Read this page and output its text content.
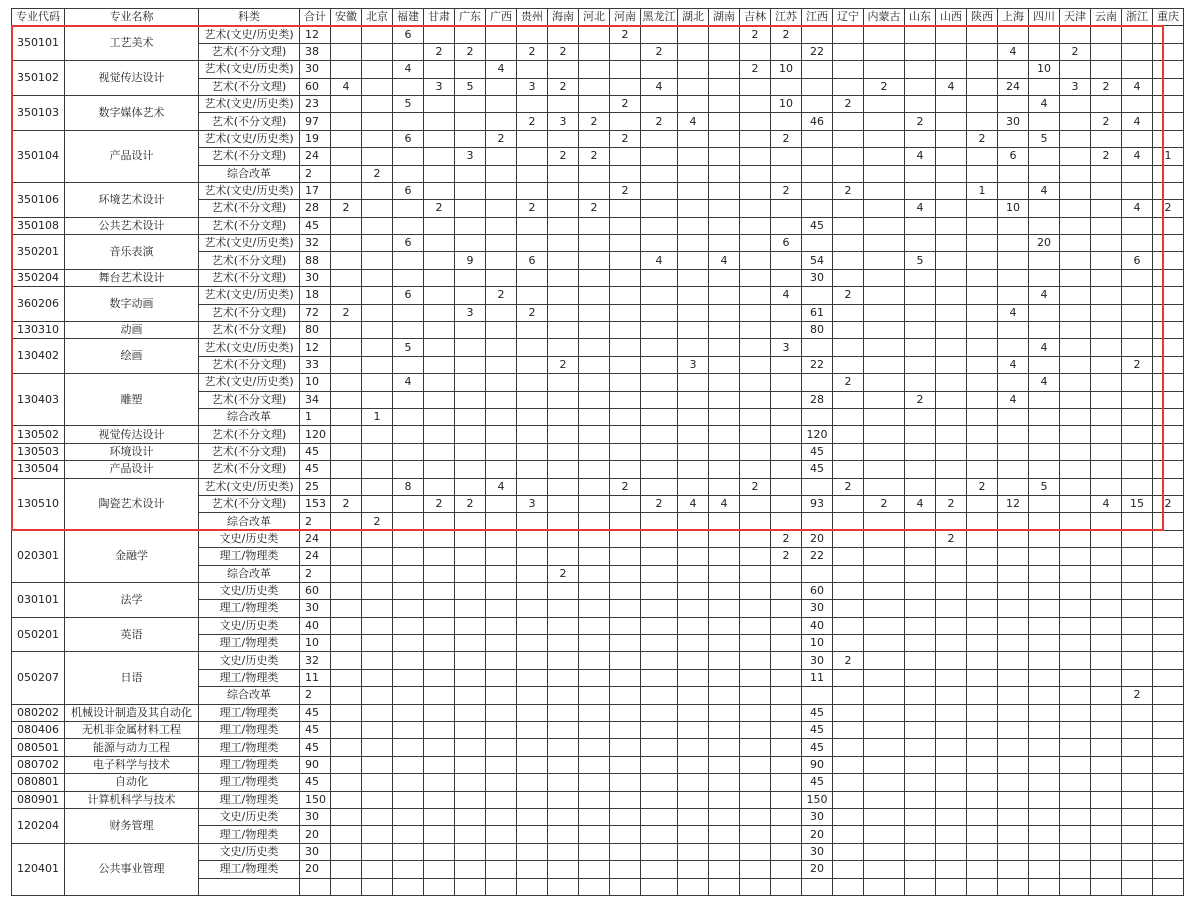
专业代码	专业名称	科类	合计	安徽	北京	福建	甘肃	广东	广西	贵州	海南	河北	河南	黑龙江	湖北	湖南	吉林	江苏	江西	辽宁	内蒙古	山东	山西	陕西	上海	四川	天津	云南	浙江	重庆
350101	工艺美术	艺术(文史/历史类)	12			6							2				2	2												
		艺术(不分文理)	38				2	2		2	2			2					22						4		2			
350102	视觉传达设计	艺术(文史/历史类)	30			4			4								2	10								10				
		艺术(不分文理)	60	4			3	5		3	2			4							2		4		24		3	2	4	
350103	数字媒体艺术	艺术(文史/历史类)	23			5							2					10		2						4				
		艺术(不分文理)	97							2	3	2		2	4				46			2			30			2	4	
350104	产品设计	艺术(文史/历史类)	19			6			2				2					2						2		5				
		艺术(不分文理)	24					3			2	2										4			6			2	4	1
		综合改革	2		2																									
350106	环境艺术设计	艺术(文史/历史类)	17			6							2					2		2				1		4				
		艺术(不分文理)	28	2			2			2		2										4			10				4	2
350108	公共艺术设计	艺术(不分文理)	45																45											
350201	音乐表演	艺术(文史/历史类)	32			6												6								20				
		艺术(不分文理)	88					9		6				4		4			54			5							6	
350204	舞台艺术设计	艺术(不分文理)	30																30											
360206	数字动画	艺术(文史/历史类)	18			6			2									4		2						4				
		艺术(不分文理)	72	2				3		2									61						4					
130310	动画	艺术(不分文理)	80																80											
130402	绘画	艺术(文史/历史类)	12			5												3								4				
		艺术(不分文理)	33								2				3				22						4				2	
130403	雕塑	艺术(文史/历史类)	10			4														2						4				
		艺术(不分文理)	34																28			2			4					
		综合改革	1		1																									
130502	视觉传达设计	艺术(不分文理)	120																120											
130503	环境设计	艺术(不分文理)	45																45											
130504	产品设计	艺术(不分文理)	45																45											
130510	陶瓷艺术设计	艺术(文史/历史类)	25			8			4				2				2			2				2		5				
		艺术(不分文理)	153	2			2	2		3				2	4	4			93		2	4	2		12			4	15	2
		综合改革	2		2																									
020301	金融学	文史/历史类	24															2	20				2							
		理工/物理类	24															2	22											
		综合改革	2								2																			
030101	法学	文史/历史类	60																60											
		理工/物理类	30																30											
050201	英语	文史/历史类	40																40											
		理工/物理类	10																10											
050207	日语	文史/历史类	32																30	2										
		理工/物理类	11																11											
		综合改革	2																										2	
080202	机械设计制造及其自动化	理工/物理类	45																45											
080406	无机非金属材料工程	理工/物理类	45																45											
080501	能源与动力工程	理工/物理类	45																45											
080702	电子科学与技术	理工/物理类	90																90											
080801	自动化	理工/物理类	45																45											
080901	计算机科学与技术	理工/物理类	150																150											
120204	财务管理	文史/历史类	30																30											
		理工/物理类	20																20											
120401	公共事业管理	文史/历史类	30																30											
		理工/物理类	20																20											
